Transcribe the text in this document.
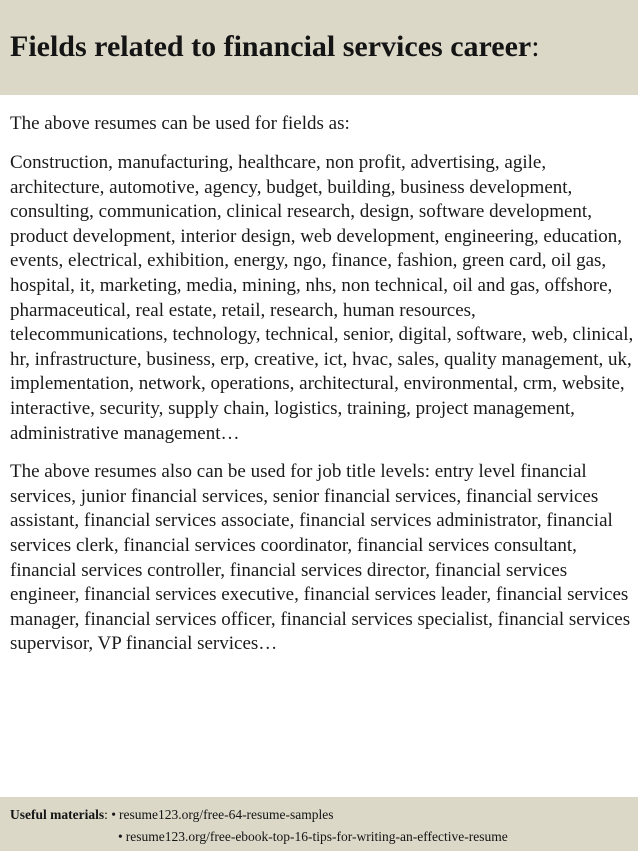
Fields related to financial services career:

The above resumes can be used for fields as:

Construction, manufacturing, healthcare, non profit, advertising, agile, architecture, automotive, agency, budget, building, business development, consulting, communication, clinical research, design, software development, product development, interior design, web development, engineering, education, events, electrical, exhibition, energy, ngo, finance, fashion, green card, oil gas, hospital, it, marketing, media, mining, nhs, non technical, oil and gas, offshore, pharmaceutical, real estate, retail, research, human resources, telecommunications, technology, technical, senior, digital, software, web, clinical, hr, infrastructure, business, erp, creative, ict, hvac, sales, quality management, uk, implementation, network, operations, architectural, environmental, crm, website, interactive, security, supply chain, logistics, training, project management, administrative management…

The above resumes also can be used for job title levels: entry level financial services, junior financial services, senior financial services, financial services assistant, financial services associate, financial services administrator, financial services clerk, financial services coordinator, financial services consultant, financial services controller, financial services director, financial services engineer, financial services executive, financial services leader, financial services manager, financial services officer, financial services specialist, financial services supervisor, VP financial services…

Useful materials: • resume123.org/free-64-resume-samples
• resume123.org/free-ebook-top-16-tips-for-writing-an-effective-resume
